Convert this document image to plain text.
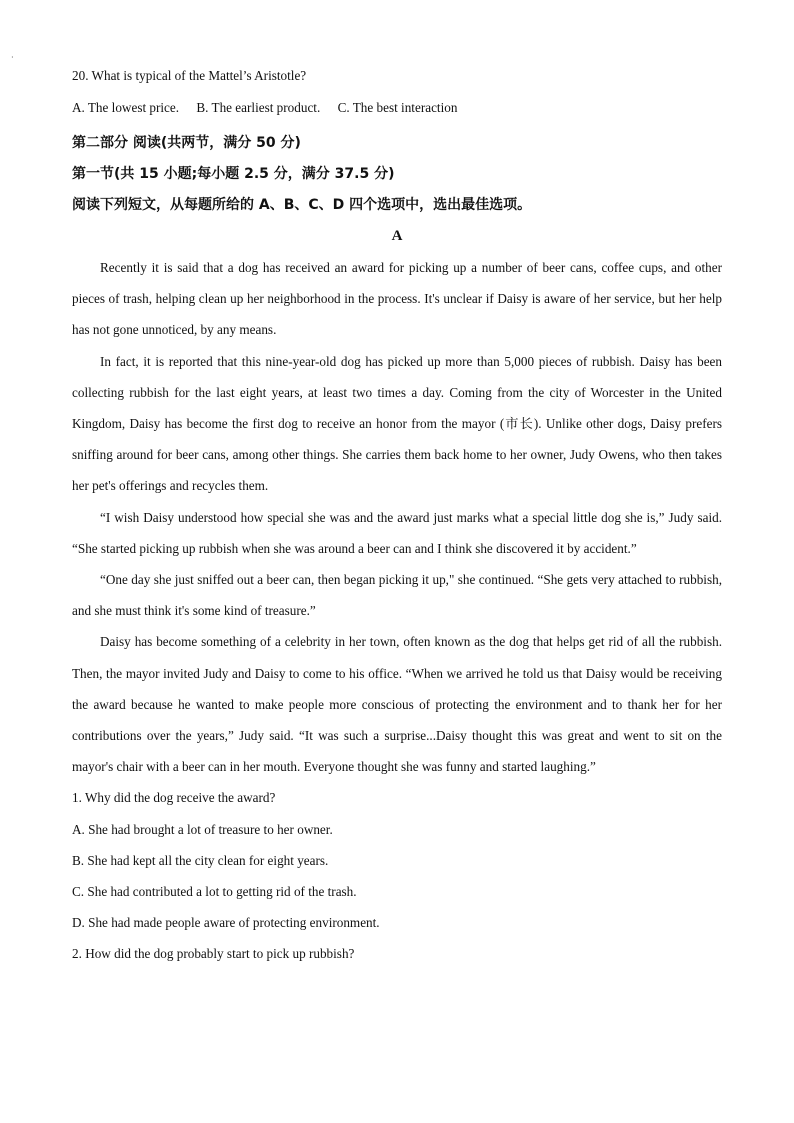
·
20. What is typical of the Mattel’s Aristotle?
A. The lowest price. B. The earliest product. C. The best interaction
第二部分 阅读(共两节，满分 50 分)
第一节(共 15 小题;每小题 2.5 分，满分 37.5 分)
阅读下列短文，从每题所给的 A、B、C、D 四个选项中，选出最佳选项。
A

Recently it is said that a dog has received an award for picking up a number of beer cans, coffee cups, and other pieces of trash, helping clean up her neighborhood in the process. It's unclear if Daisy is aware of her service, but her help has not gone unnoticed, by any means.

In fact, it is reported that this nine-year-old dog has picked up more than 5,000 pieces of rubbish. Daisy has been collecting rubbish for the last eight years, at least two times a day. Coming from the city of Worcester in the United Kingdom, Daisy has become the first dog to receive an honor from the mayor (市长). Unlike other dogs, Daisy prefers sniffing around for beer cans, among other things. She carries them back home to her owner, Judy Owens, who then takes her pet's offerings and recycles them.

“I wish Daisy understood how special she was and the award just marks what a special little dog she is,” Judy said. “She started picking up rubbish when she was around a beer can and I think she discovered it by accident.”

“One day she just sniffed out a beer can, then began picking it up," she continued. “She gets very attached to rubbish, and she must think it's some kind of treasure.”

Daisy has become something of a celebrity in her town, often known as the dog that helps get rid of all the rubbish. Then, the mayor invited Judy and Daisy to come to his office. “When we arrived he told us that Daisy would be receiving the award because he wanted to make people more conscious of protecting the environment and to thank her for her contributions over the years,” Judy said. “It was such a surprise...Daisy thought this was great and went to sit on the mayor's chair with a beer can in her mouth. Everyone thought she was funny and started laughing.”

1. Why did the dog receive the award?
A. She had brought a lot of treasure to her owner.
B. She had kept all the city clean for eight years.
C. She had contributed a lot to getting rid of the trash.
D. She had made people aware of protecting environment.
2. How did the dog probably start to pick up rubbish?
